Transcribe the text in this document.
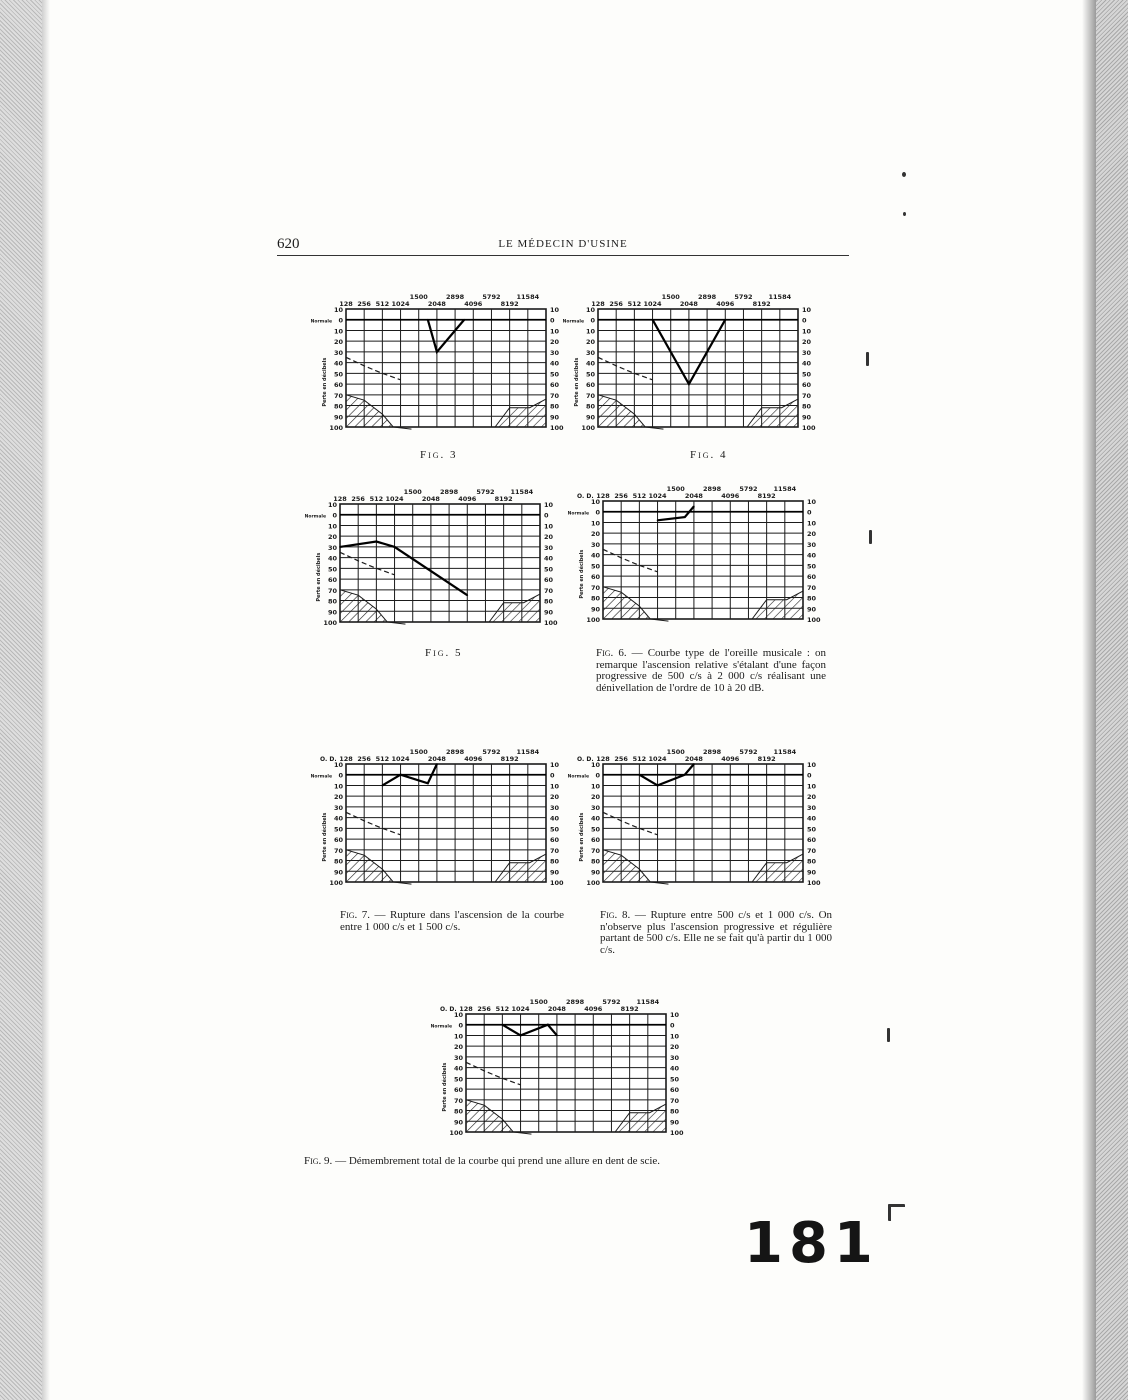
620	LE MÉDECIN D'USINE
128 256 512 1024	2048	4096	8192
1500	2898	5792 11584
10
0
10
20
30
40
50
60
70
80
90
100
10
0
10
20
30
40
50
60
70
80
90
100
Normale
Perte en décibels
Fig. 3
128 256 512 1024	2048	4096	8192
1500	2898	5792 11584
10
0
10
20
30
40
50
60
70
80
90
100
10
0
10
20
30
40
50
60
70
80
90
100
Normale
Perte en décibels
Fig. 4
128 256 512 1024	2048	4096	8192
1500	2898	5792 11584
10
0
10
20
30
40
50
60
70
80
90
100
10
0
10
20
30
40
50
60
70
80
90
100
Normale
Perte en décibels
Fig. 5
128 256 512 1024	2048	4096	8192
1500	2898	5792 11584
10
0
10
20
30
40
50
60
70
80
90
100
10
0
10
20
30
40
50
60
70
80
90
100
Normale
Perte en décibels
O. D.
Fig. 6. — Courbe type de l'oreille musicale : on remarque l'ascension relative s'étalant d'une façon progressive de 500 c/s à 2 000 c/s réalisant une dénivellation de l'ordre de 10 à 20 dB.
128 256 512 1024	2048	4096	8192
1500	2898	5792 11584
10
0
10
20
30
40
50
60
70
80
90
100
10
0
10
20
30
40
50
60
70
80
90
100
Normale
Perte en décibels
O. D.
Fig. 7. — Rupture dans l'ascension de la courbe entre 1 000 c/s et 1 500 c/s.
128 256 512 1024	2048	4096	8192
1500	2898	5792 11584
10
0
10
20
30
40
50
60
70
80
90
100
10
0
10
20
30
40
50
60
70
80
90
100
Normale
Perte en décibels
O. D.
Fig. 8. — Rupture entre 500 c/s et 1 000 c/s. On n'observe plus l'ascension progressive et régulière partant de 500 c/s. Elle ne se fait qu'à partir du 1 000 c/s.
128 256 512 1024	2048	4096	8192
1500	2898	5792 11584
10
0
10
20
30
40
50
60
70
80
90
100
10
0
10
20
30
40
50
60
70
80
90
100
Normale
Perte en décibels
O. D.
Fig. 9. — Démembrement total de la courbe qui prend une allure en dent de scie.
181
